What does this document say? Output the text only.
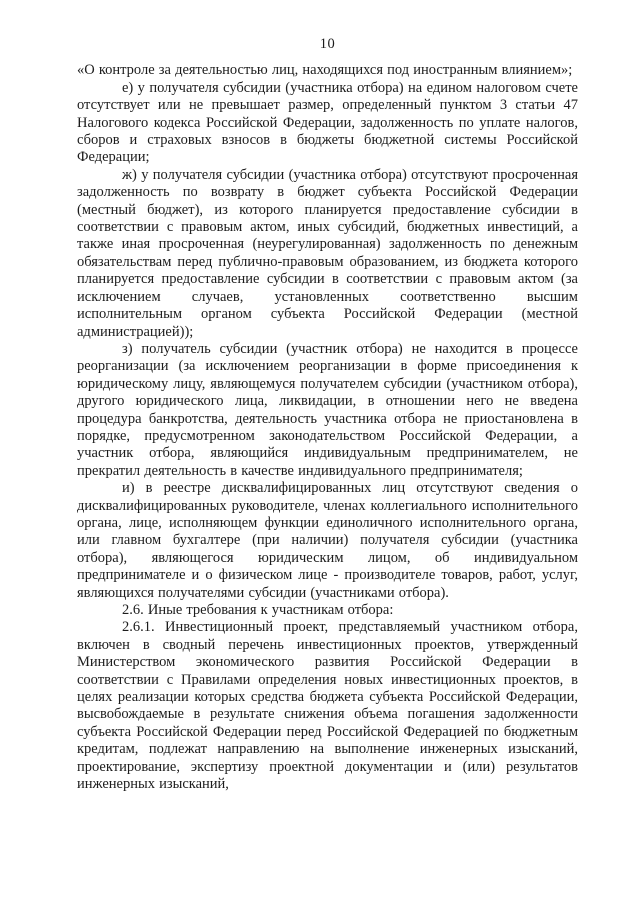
10

«О контроле за деятельностью лиц, находящихся под иностранным влиянием»;

е) у получателя субсидии (участника отбора) на едином налоговом счете отсутствует или не превышает размер, определенный пунктом 3 статьи 47 Налогового кодекса Российской Федерации, задолженность по уплате налогов, сборов и страховых взносов в бюджеты бюджетной системы Российской Федерации;

ж) у получателя субсидии (участника отбора) отсутствуют просроченная задолженность по возврату в бюджет субъекта Российской Федерации (местный бюджет), из которого планируется предоставление субсидии в соответствии с правовым актом, иных субсидий, бюджетных инвестиций, а также иная просроченная (неурегулированная) задолженность по денежным обязательствам перед публично-правовым образованием, из бюджета которого планируется предоставление субсидии в соответствии с правовым актом (за исключением случаев, установленных соответственно высшим исполнительным органом субъекта Российской Федерации (местной администрацией));

з) получатель субсидии (участник отбора) не находится в процессе реорганизации (за исключением реорганизации в форме присоединения к юридическому лицу, являющемуся получателем субсидии (участником отбора), другого юридического лица, ликвидации, в отношении него не введена процедура банкротства, деятельность участника отбора не приостановлена в порядке, предусмотренном законодательством Российской Федерации, а участник отбора, являющийся индивидуальным предпринимателем, не прекратил деятельность в качестве индивидуального предпринимателя;

и) в реестре дисквалифицированных лиц отсутствуют сведения о дисквалифицированных руководителе, членах коллегиального исполнительного органа, лице, исполняющем функции единоличного исполнительного органа, или главном бухгалтере (при наличии) получателя субсидии (участника отбора), являющегося юридическим лицом, об индивидуальном предпринимателе и о физическом лице - производителе товаров, работ, услуг, являющихся получателями субсидии (участниками отбора).

2.6. Иные требования к участникам отбора:

2.6.1. Инвестиционный проект, представляемый участником отбора, включен в сводный перечень инвестиционных проектов, утвержденный Министерством экономического развития Российской Федерации в соответствии с Правилами определения новых инвестиционных проектов, в целях реализации которых средства бюджета субъекта Российской Федерации, высвобождаемые в результате снижения объема погашения задолженности субъекта Российской Федерации перед Российской Федерацией по бюджетным кредитам, подлежат направлению на выполнение инженерных изысканий, проектирование, экспертизу проектной документации и (или) результатов инженерных изысканий,
